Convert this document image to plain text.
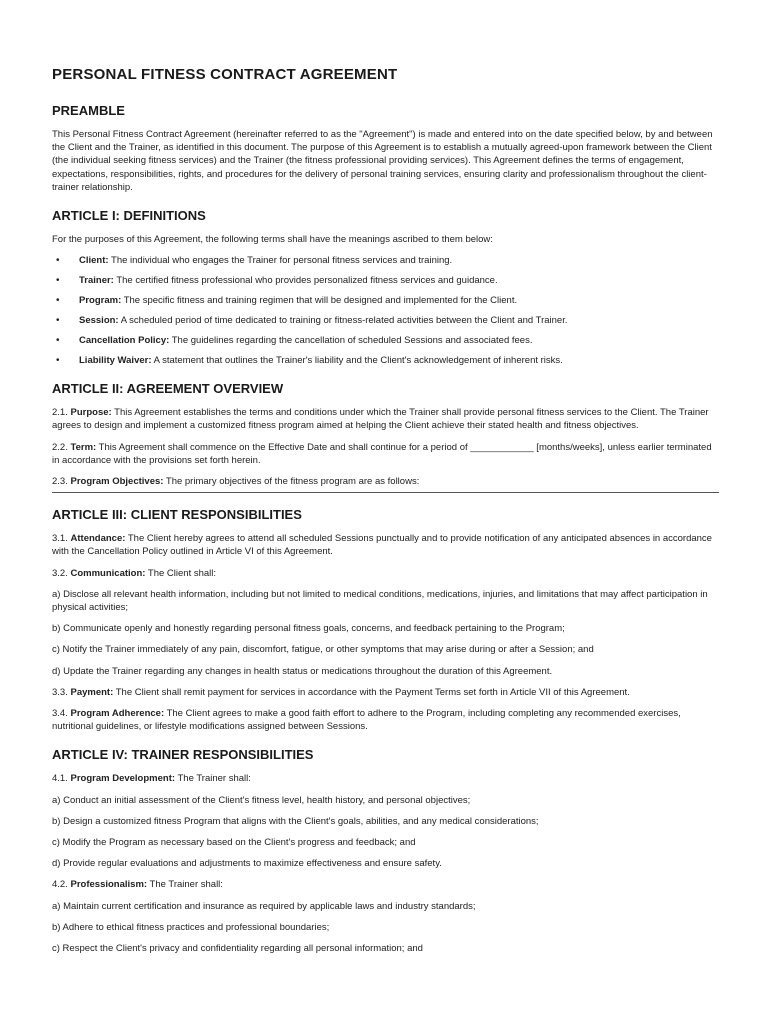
PERSONAL FITNESS CONTRACT AGREEMENT
PREAMBLE

This Personal Fitness Contract Agreement (hereinafter referred to as the "Agreement") is made and entered into on the date specified below, by and between the Client and the Trainer, as identified in this document. The purpose of this Agreement is to establish a mutually agreed-upon framework between the Client (the individual seeking fitness services) and the Trainer (the fitness professional providing services). This Agreement defines the terms of engagement, expectations, responsibilities, rights, and procedures for the delivery of personal training services, ensuring clarity and professionalism throughout the client-trainer relationship.

ARTICLE I: DEFINITIONS

For the purposes of this Agreement, the following terms shall have the meanings ascribed to them below:

• Client: The individual who engages the Trainer for personal fitness services and training.
• Trainer: The certified fitness professional who provides personalized fitness services and guidance.
• Program: The specific fitness and training regimen that will be designed and implemented for the Client.
• Session: A scheduled period of time dedicated to training or fitness-related activities between the Client and Trainer.
• Cancellation Policy: The guidelines regarding the cancellation of scheduled Sessions and associated fees.
• Liability Waiver: A statement that outlines the Trainer's liability and the Client's acknowledgement of inherent risks.
ARTICLE II: AGREEMENT OVERVIEW

2.1. Purpose: This Agreement establishes the terms and conditions under which the Trainer shall provide personal fitness services to the Client. The Trainer agrees to design and implement a customized fitness program aimed at helping the Client achieve their stated health and fitness objectives.

2.2. Term: This Agreement shall commence on the Effective Date and shall continue for a period of ____________ [months/weeks], unless earlier terminated in accordance with the provisions set forth herein.

2.3. Program Objectives: The primary objectives of the fitness program are as follows:

ARTICLE III: CLIENT RESPONSIBILITIES

3.1. Attendance: The Client hereby agrees to attend all scheduled Sessions punctually and to provide notification of any anticipated absences in accordance with the Cancellation Policy outlined in Article VI of this Agreement.

3.2. Communication: The Client shall:

a) Disclose all relevant health information, including but not limited to medical conditions, medications, injuries, and limitations that may affect participation in physical activities;

b) Communicate openly and honestly regarding personal fitness goals, concerns, and feedback pertaining to the Program;

c) Notify the Trainer immediately of any pain, discomfort, fatigue, or other symptoms that may arise during or after a Session; and

d) Update the Trainer regarding any changes in health status or medications throughout the duration of this Agreement.

3.3. Payment: The Client shall remit payment for services in accordance with the Payment Terms set forth in Article VII of this Agreement.

3.4. Program Adherence: The Client agrees to make a good faith effort to adhere to the Program, including completing any recommended exercises, nutritional guidelines, or lifestyle modifications assigned between Sessions.

ARTICLE IV: TRAINER RESPONSIBILITIES

4.1. Program Development: The Trainer shall:

a) Conduct an initial assessment of the Client's fitness level, health history, and personal objectives;

b) Design a customized fitness Program that aligns with the Client's goals, abilities, and any medical considerations;

c) Modify the Program as necessary based on the Client's progress and feedback; and

d) Provide regular evaluations and adjustments to maximize effectiveness and ensure safety.

4.2. Professionalism: The Trainer shall:

a) Maintain current certification and insurance as required by applicable laws and industry standards;

b) Adhere to ethical fitness practices and professional boundaries;

c) Respect the Client's privacy and confidentiality regarding all personal information; and
